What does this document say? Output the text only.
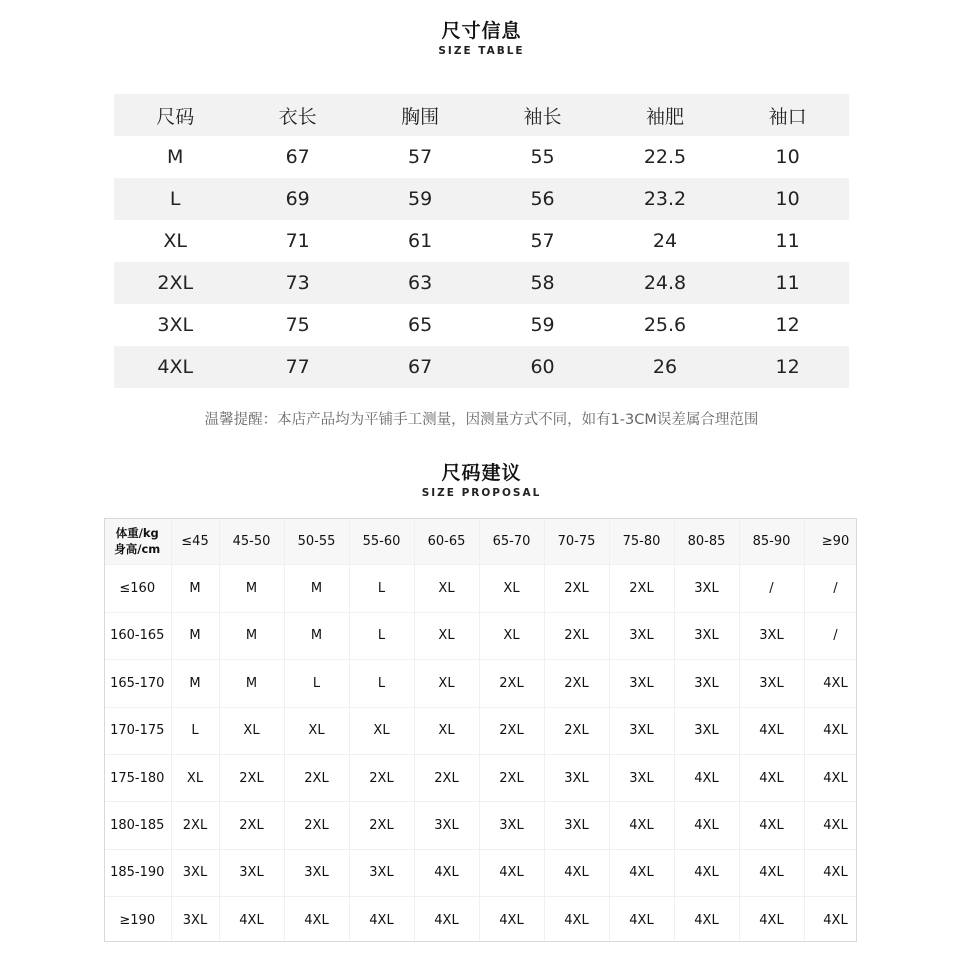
尺寸信息
SIZE TABLE
尺码	衣长	胸围	袖长	袖肥	袖口
M	67	57	55	22.5	10
L	69	59	56	23.2	10
XL	71	61	57	24	11
2XL	73	63	58	24.8	11
3XL	75	65	59	25.6	12
4XL	77	67	60	26	12
温馨提醒：本店产品均为平铺手工测量，因测量方式不同，如有1-3CM误差属合理范围
尺码建议
SIZE PROPOSAL
体重/kg
身高/cm	≤45	45-50	50-55	55-60	60-65	65-70	70-75	75-80	80-85	85-90	≥90
≤160	M	M	M	L	XL	XL	2XL	2XL	3XL	/	/
160-165	M	M	M	L	XL	XL	2XL	3XL	3XL	3XL	/
165-170	M	M	L	L	XL	2XL	2XL	3XL	3XL	3XL	4XL
170-175	L	XL	XL	XL	XL	2XL	2XL	3XL	3XL	4XL	4XL
175-180	XL	2XL	2XL	2XL	2XL	2XL	3XL	3XL	4XL	4XL	4XL
180-185	2XL	2XL	2XL	2XL	3XL	3XL	3XL	4XL	4XL	4XL	4XL
185-190	3XL	3XL	3XL	3XL	4XL	4XL	4XL	4XL	4XL	4XL	4XL
≥190	3XL	4XL	4XL	4XL	4XL	4XL	4XL	4XL	4XL	4XL	4XL
